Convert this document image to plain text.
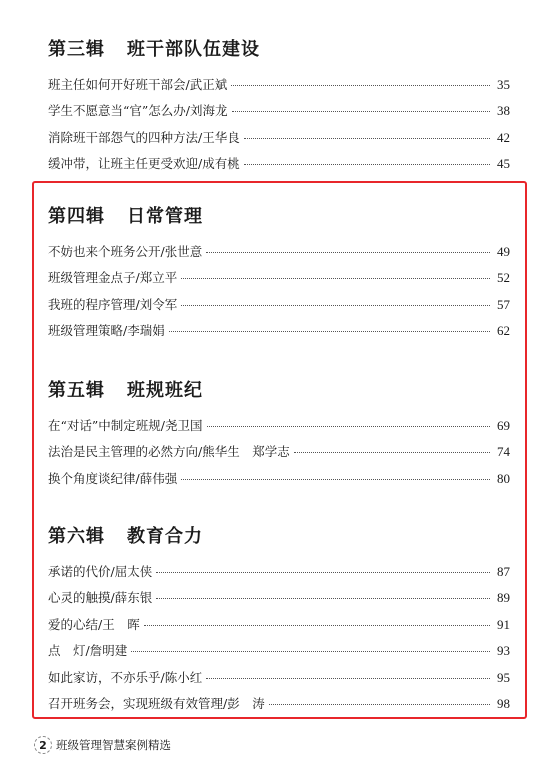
第三辑 班干部队伍建设
班主任如何开好班干部会/武正斌	35
学生不愿意当“官”怎么办/刘海龙	38
消除班干部怨气的四种方法/王华良	42
缓冲带，让班主任更受欢迎/成有桃	45
第四辑 日常管理
不妨也来个班务公开/张世意	49
班级管理金点子/郑立平	52
我班的程序管理/刘令军	57
班级管理策略/李瑞娟	62
第五辑 班规班纪
在“对话”中制定班规/尧卫国	69
法治是民主管理的必然方向/熊华生　郑学志	74
换个角度谈纪律/薛伟强	80
第六辑 教育合力
承诺的代价/屈太侠	87
心灵的触摸/薛东银	89
爱的心结/王　晖	91
点　灯/詹明建	93
如此家访，不亦乐乎/陈小红	95
召开班务会，实现班级有效管理/彭　涛	98
2 班级管理智慧案例精选
